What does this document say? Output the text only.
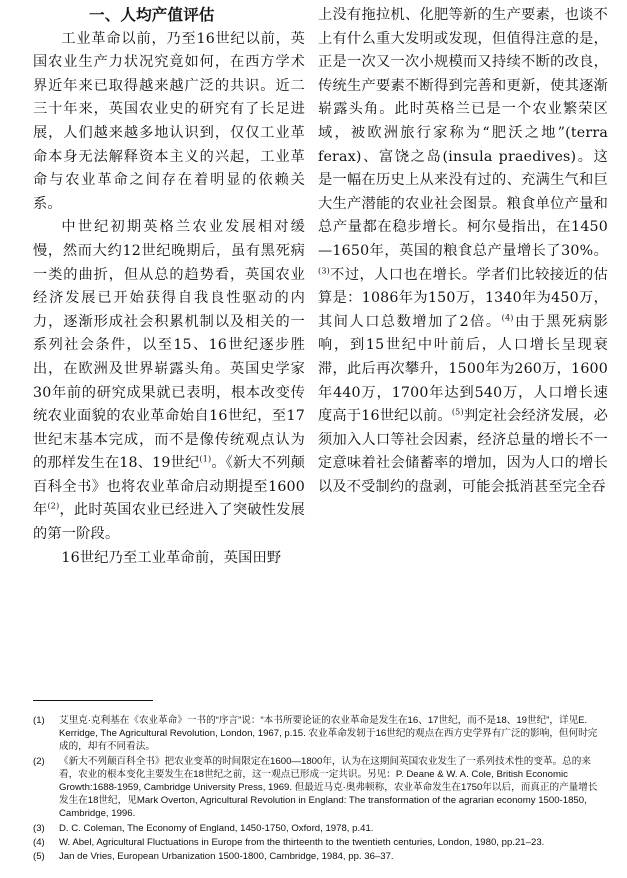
一、人均产值评估

工业革命以前，乃至16世纪以前，英国农业生产力状况究竟如何，在西方学术界近年来已取得越来越广泛的共识。近二三十年来，英国农业史的研究有了长足进展，人们越来越多地认识到，仅仅工业革命本身无法解释资本主义的兴起，工业革命与农业革命之间存在着明显的依赖关系。

中世纪初期英格兰农业发展相对缓慢，然而大约12世纪晚期后，虽有黑死病一类的曲折，但从总的趋势看，英国农业经济发展已开始获得自我良性驱动的内力，逐渐形成社会积累机制以及相关的一系列社会条件，以至15、16世纪逐步胜出，在欧洲及世界崭露头角。英国史学家30年前的研究成果就已表明，根本改变传统农业面貌的农业革命始自16世纪，至17世纪末基本完成，而不是像传统观点认为的那样发生在18、19世纪$^{(1)}$。《新大不列颠百科全书》也将农业革命启动期提至1600年$^{(2)}$，此时英国农业已经进入了突破性发展的第一阶段。

16世纪乃至工业革命前，英国田野

上没有拖拉机、化肥等新的生产要素，也谈不上有什么重大发明或发现，但值得注意的是，正是一次又一次小规模而又持续不断的改良，传统生产要素不断得到完善和更新，使其逐渐崭露头角。此时英格兰已是一个农业繁荣区域，被欧洲旅行家称为“肥沃之地”(terra ferax)、富饶之岛(insula praedives)。这是一幅在历史上从来没有过的、充满生气和巨大生产潜能的农业社会图景。粮食单位产量和总产量都在稳步增长。柯尔曼指出，在1450—1650年，英国的粮食总产量增长了30%。$^{(3)}$不过，人口也在增长。学者们比较接近的估算是：1086年为150万，1340年为450万，其间人口总数增加了2倍。$^{(4)}$由于黑死病影响，到15世纪中叶前后，人口增长呈现衰滞，此后再次攀升，1500年为260万，1600年440万，1700年达到540万，人口增长速度高于16世纪以前。$^{(5)}$判定社会经济发展，必须加入人口等社会因素，经济总量的增长不一定意味着社会储蓄率的增加，因为人口的增长以及不受制约的盘剥，可能会抵消甚至完全吞

(1)	艾里克·克利基在《农业革命》一书的“序言”说：“本书所要论证的农业革命是发生在16、17世纪，而不是18、19世纪”，详见E. Kerridge, The Agricultural Revolution, London, 1967, p.15. 农业革命发轫于16世纪的观点在西方史学界有广泛的影响，但何时完成的，却有不同看法。
(2)	《新大不列颠百科全书》把农业变革的时间限定在1600—1800年，认为在这期间英国农业发生了一系列技术性的变革。总的来看，农业的根本变化主要发生在18世纪之前，这一观点已形成一定共识。另见：P. Deane & W. A. Cole, British Economic Growth:1688-1959, Cambridge University Press, 1969. 但最近马克·奥弗顿称，农业革命发生在1750年以后，而真正的产量增长发生在18世纪，见Mark Overton, Agricultural Revolution in England: The transformation of the agrarian economy 1500-1850, Cambridge, 1996.
(3)	D. C. Coleman, The Economy of England, 1450-1750, Oxford, 1978, p.41.
(4)	W. Abel, Agricultural Fluctuations in Europe from the thirteenth to the twentieth centuries, London, 1980, pp.21–23.
(5)	Jan de Vries, European Urbanization 1500-1800, Cambridge, 1984, pp. 36–37.
